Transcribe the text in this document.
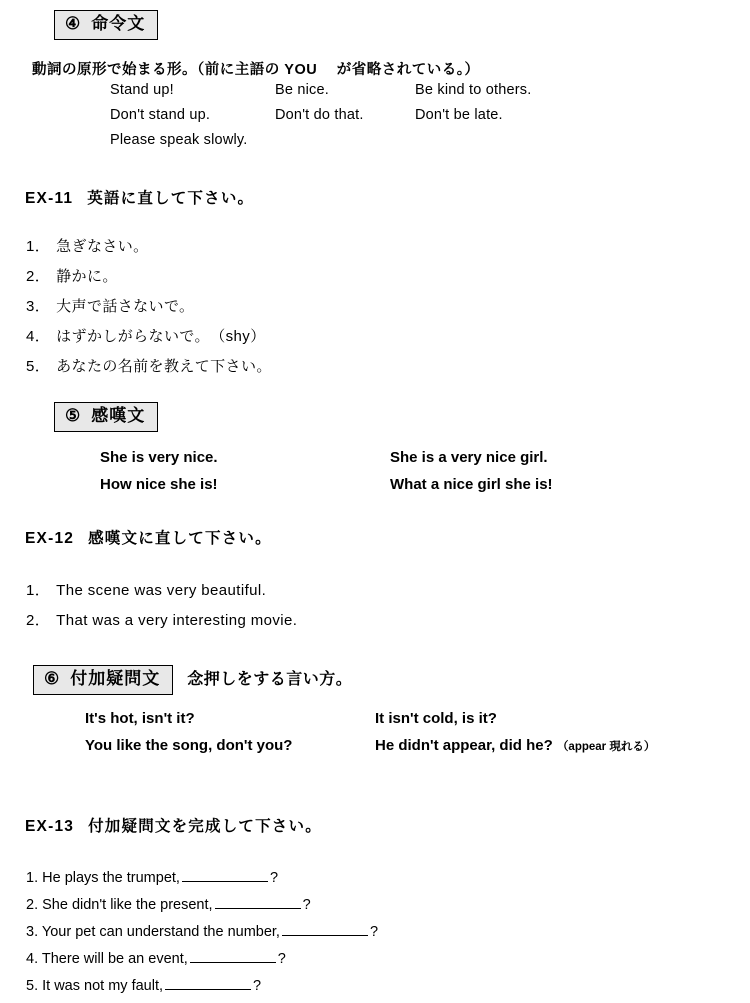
④ 命令文
動詞の原形で始まる形。（前に主語の YOU 　が省略されている。）
Stand up!	Be nice.	Be kind to others.
Don't stand up.	Don't do that.	Don't be late.
Please speak slowly.
EX-11 英語に直して下さい。
1． 急ぎなさい。
2． 静かに。
3． 大声で話さないで。
4． はずかしがらないで。　（shy）
5． あなたの名前を教えて下さい。
⑤ 感嘆文
She is very nice.	She is a very nice girl.
How nice she is!	What a nice girl she is!
EX-12 感嘆文に直して下さい。
1． The scene was very beautiful.
2． That was a very interesting movie.
⑥ 付加疑問文	念押しをする言い方。
It's hot, isn't it?	It isn't cold, is it?
You like the song, don't you?	He didn't appear, did he? （appear 現れる）
EX-13 付加疑問文を完成して下さい。
1. He plays the trumpet,	?
2. She didn't like the present,	?
3. Your pet can understand the number,	?
4. There will be an event,	?
5. It was not my fault,	?
